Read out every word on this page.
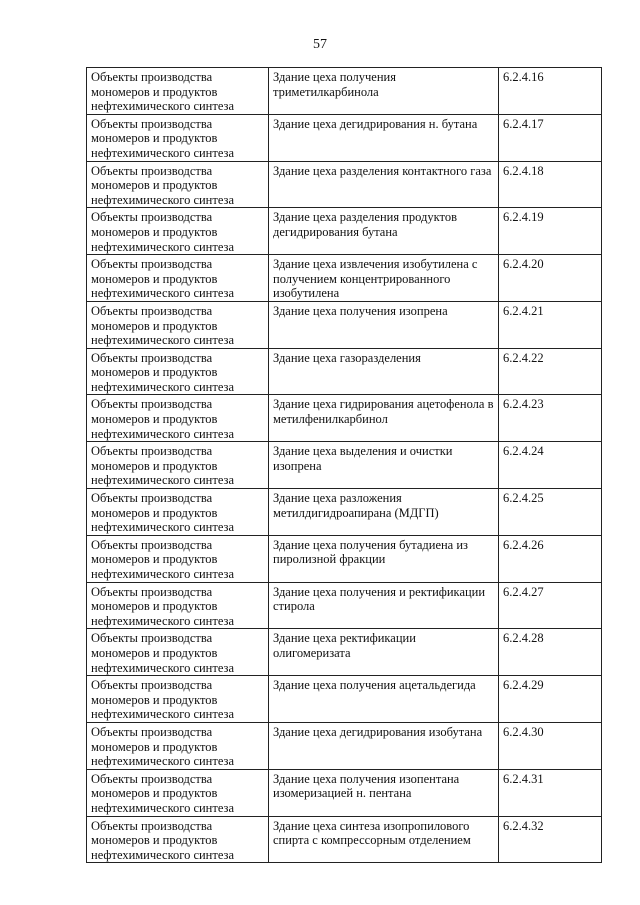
57
Объекты производства мономеров и продуктов нефтехимического синтеза	Здание цеха получения триметилкарбинола	6.2.4.16
Объекты производства мономеров и продуктов нефтехимического синтеза	Здание цеха дегидрирования н. бутана	6.2.4.17
Объекты производства мономеров и продуктов нефтехимического синтеза	Здание цеха разделения контактного газа	6.2.4.18
Объекты производства мономеров и продуктов нефтехимического синтеза	Здание цеха разделения продуктов дегидрирования бутана	6.2.4.19
Объекты производства мономеров и продуктов нефтехимического синтеза	Здание цеха извлечения изобутилена с получением концентрированного изобутилена	6.2.4.20
Объекты производства мономеров и продуктов нефтехимического синтеза	Здание цеха получения изопрена	6.2.4.21
Объекты производства мономеров и продуктов нефтехимического синтеза	Здание цеха газоразделения	6.2.4.22
Объекты производства мономеров и продуктов нефтехимического синтеза	Здание цеха гидрирования ацетофенола в метилфенилкарбинол	6.2.4.23
Объекты производства мономеров и продуктов нефтехимического синтеза	Здание цеха выделения и очистки изопрена	6.2.4.24
Объекты производства мономеров и продуктов нефтехимического синтеза	Здание цеха разложения метилдигидроапирана (МДГП)	6.2.4.25
Объекты производства мономеров и продуктов нефтехимического синтеза	Здание цеха получения бутадиена из пиролизной фракции	6.2.4.26
Объекты производства мономеров и продуктов нефтехимического синтеза	Здание цеха получения и ректификации стирола	6.2.4.27
Объекты производства мономеров и продуктов нефтехимического синтеза	Здание цеха ректификации олигомеризата	6.2.4.28
Объекты производства мономеров и продуктов нефтехимического синтеза	Здание цеха получения ацетальдегида	6.2.4.29
Объекты производства мономеров и продуктов нефтехимического синтеза	Здание цеха дегидрирования изобутана	6.2.4.30
Объекты производства мономеров и продуктов нефтехимического синтеза	Здание цеха получения изопентана изомеризацией н. пентана	6.2.4.31
Объекты производства мономеров и продуктов нефтехимического синтеза	Здание цеха синтеза изопропилового спирта с компрессорным отделением	6.2.4.32
